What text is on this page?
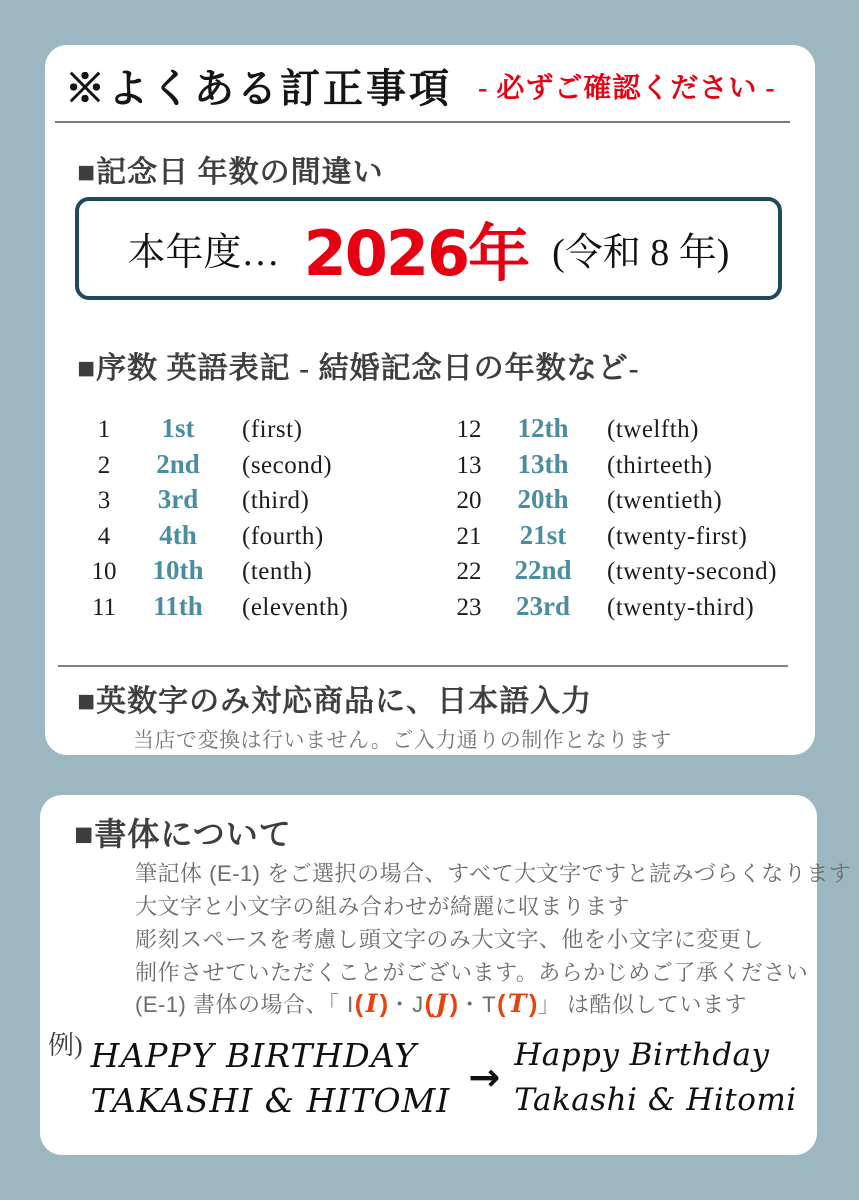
※よくある訂正事項 - 必ずご確認ください -
■記念日 年数の間違い
本年度… 2026年 (令和 8 年)
■序数 英語表記 - 結婚記念日の年数など-
1	1st	(first)
2	2nd	(second)
3	3rd	(third)
4	4th	(fourth)
10	10th	(tenth)
11	11th	(eleventh)
12	12th	(twelfth)
13	13th	(thirteeth)
20	20th	(twentieth)
21	21st	(twenty-first)
22	22nd	(twenty-second)
23	23rd	(twenty-third)
■英数字のみ対応商品に、日本語入力

当店で変換は行いません。ご入力通りの制作となります

■書体について
筆記体 (E-1) をご選択の場合、すべて大文字ですと読みづらくなります
大文字と小文字の組み合わせが綺麗に収まります
彫刻スペースを考慮し頭文字のみ大文字、他を小文字に変更し
制作させていただくことがございます。あらかじめご了承ください
(E-1) 書体の場合、「 I(I)・J(J)・T(T)」 は酷似しています
例) HAPPY BIRTHDAY
TAKASHI & HITOMI
→ Happy Birthday
Takashi & Hitomi
